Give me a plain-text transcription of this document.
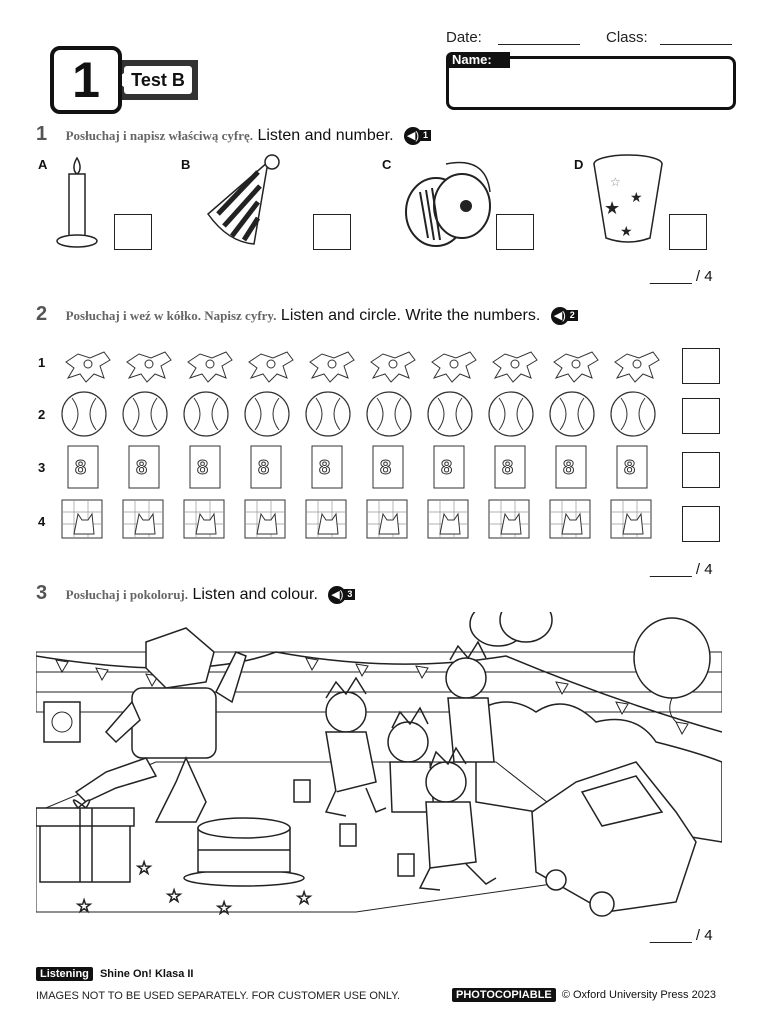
Test B
1
Date:	Class:
Name:
1 Posłuchaj i napisz właściwą cyfrę. Listen and number. ◀) 1
A	B	C	D
★
★
★
☆
_____ / 4
2 Posłuchaj i weź w kółko. Napisz cyfry. Listen and circle. Write the numbers. ◀) 2
1
2
3
4
8 8 8 8 8 8 8 8 8 8
_____ / 4
3 Posłuchaj i pokoloruj. Listen and colour. ◀) 3
☆
☆	☆
☆	☆
_____ / 4
Listening Shine On! Klasa II
IMAGES NOT TO BE USED SEPARATELY. FOR CUSTOMER USE ONLY.	PHOTOCOPIABLE © Oxford University Press 2023
